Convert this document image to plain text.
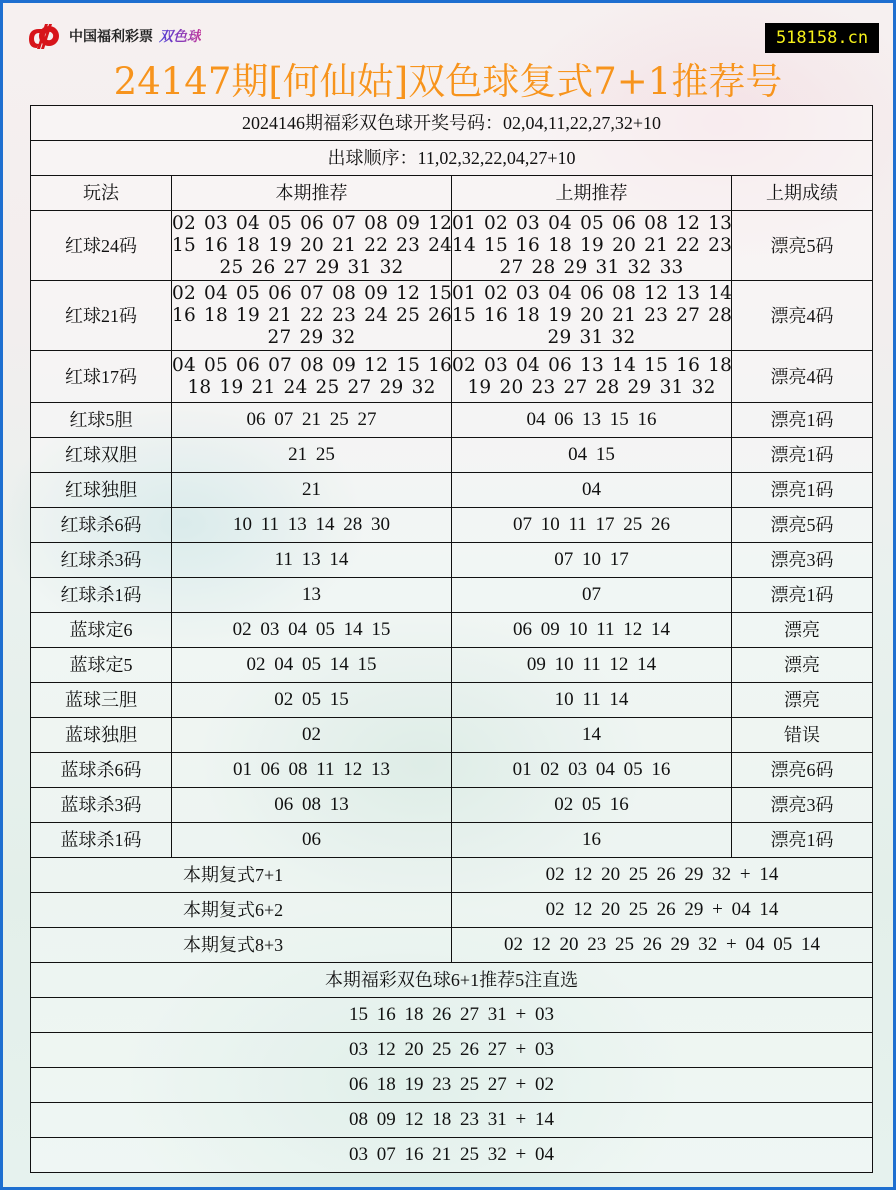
中国福利彩票 双色球	518158.cn
24147期[何仙姑]双色球复式7+1推荐号
2024146期福彩双色球开奖号码：02,04,11,22,27,32+10			
出球顺序：11,02,32,22,04,27+10			
玩法	本期推荐	上期推荐	上期成绩
红球24码	02 03 04 05 06 07 08 09 12
15 16 18 19 20 21 22 23 24
25 26 27 29 31 32	01 02 03 04 05 06 08 12 13
14 15 16 18 19 20 21 22 23
27 28 29 31 32 33	漂亮5码
红球21码	02 04 05 06 07 08 09 12 15
16 18 19 21 22 23 24 25 26
27 29 32	01 02 03 04 06 08 12 13 14
15 16 18 19 20 21 23 27 28
29 31 32	漂亮4码
红球17码	04 05 06 07 08 09 12 15 16
18 19 21 24 25 27 29 32	02 03 04 06 13 14 15 16 18
19 20 23 27 28 29 31 32	漂亮4码
红球5胆	06 07 21 25 27	04 06 13 15 16	漂亮1码
红球双胆	21 25	04 15	漂亮1码
红球独胆	21	04	漂亮1码
红球杀6码	10 11 13 14 28 30	07 10 11 17 25 26	漂亮5码
红球杀3码	11 13 14	07 10 17	漂亮3码
红球杀1码	13	07	漂亮1码
蓝球定6	02 03 04 05 14 15	06 09 10 11 12 14	漂亮
蓝球定5	02 04 05 14 15	09 10 11 12 14	漂亮
蓝球三胆	02 05 15	10 11 14	漂亮
蓝球独胆	02	14	错误
蓝球杀6码	01 06 08 11 12 13	01 02 03 04 05 16	漂亮6码
蓝球杀3码	06 08 13	02 05 16	漂亮3码
蓝球杀1码	06	16	漂亮1码
本期复式7+1		02 12 20 25 26 29 32 + 14	
本期复式6+2		02 12 20 25 26 29 + 04 14	
本期复式8+3		02 12 20 23 25 26 29 32 + 04 05 14	
本期福彩双色球6+1推荐5注直选			
15 16 18 26 27 31 + 03			
03 12 20 25 26 27 + 03			
06 18 19 23 25 27 + 02			
08 09 12 18 23 31 + 14			
03 07 16 21 25 32 + 04			
